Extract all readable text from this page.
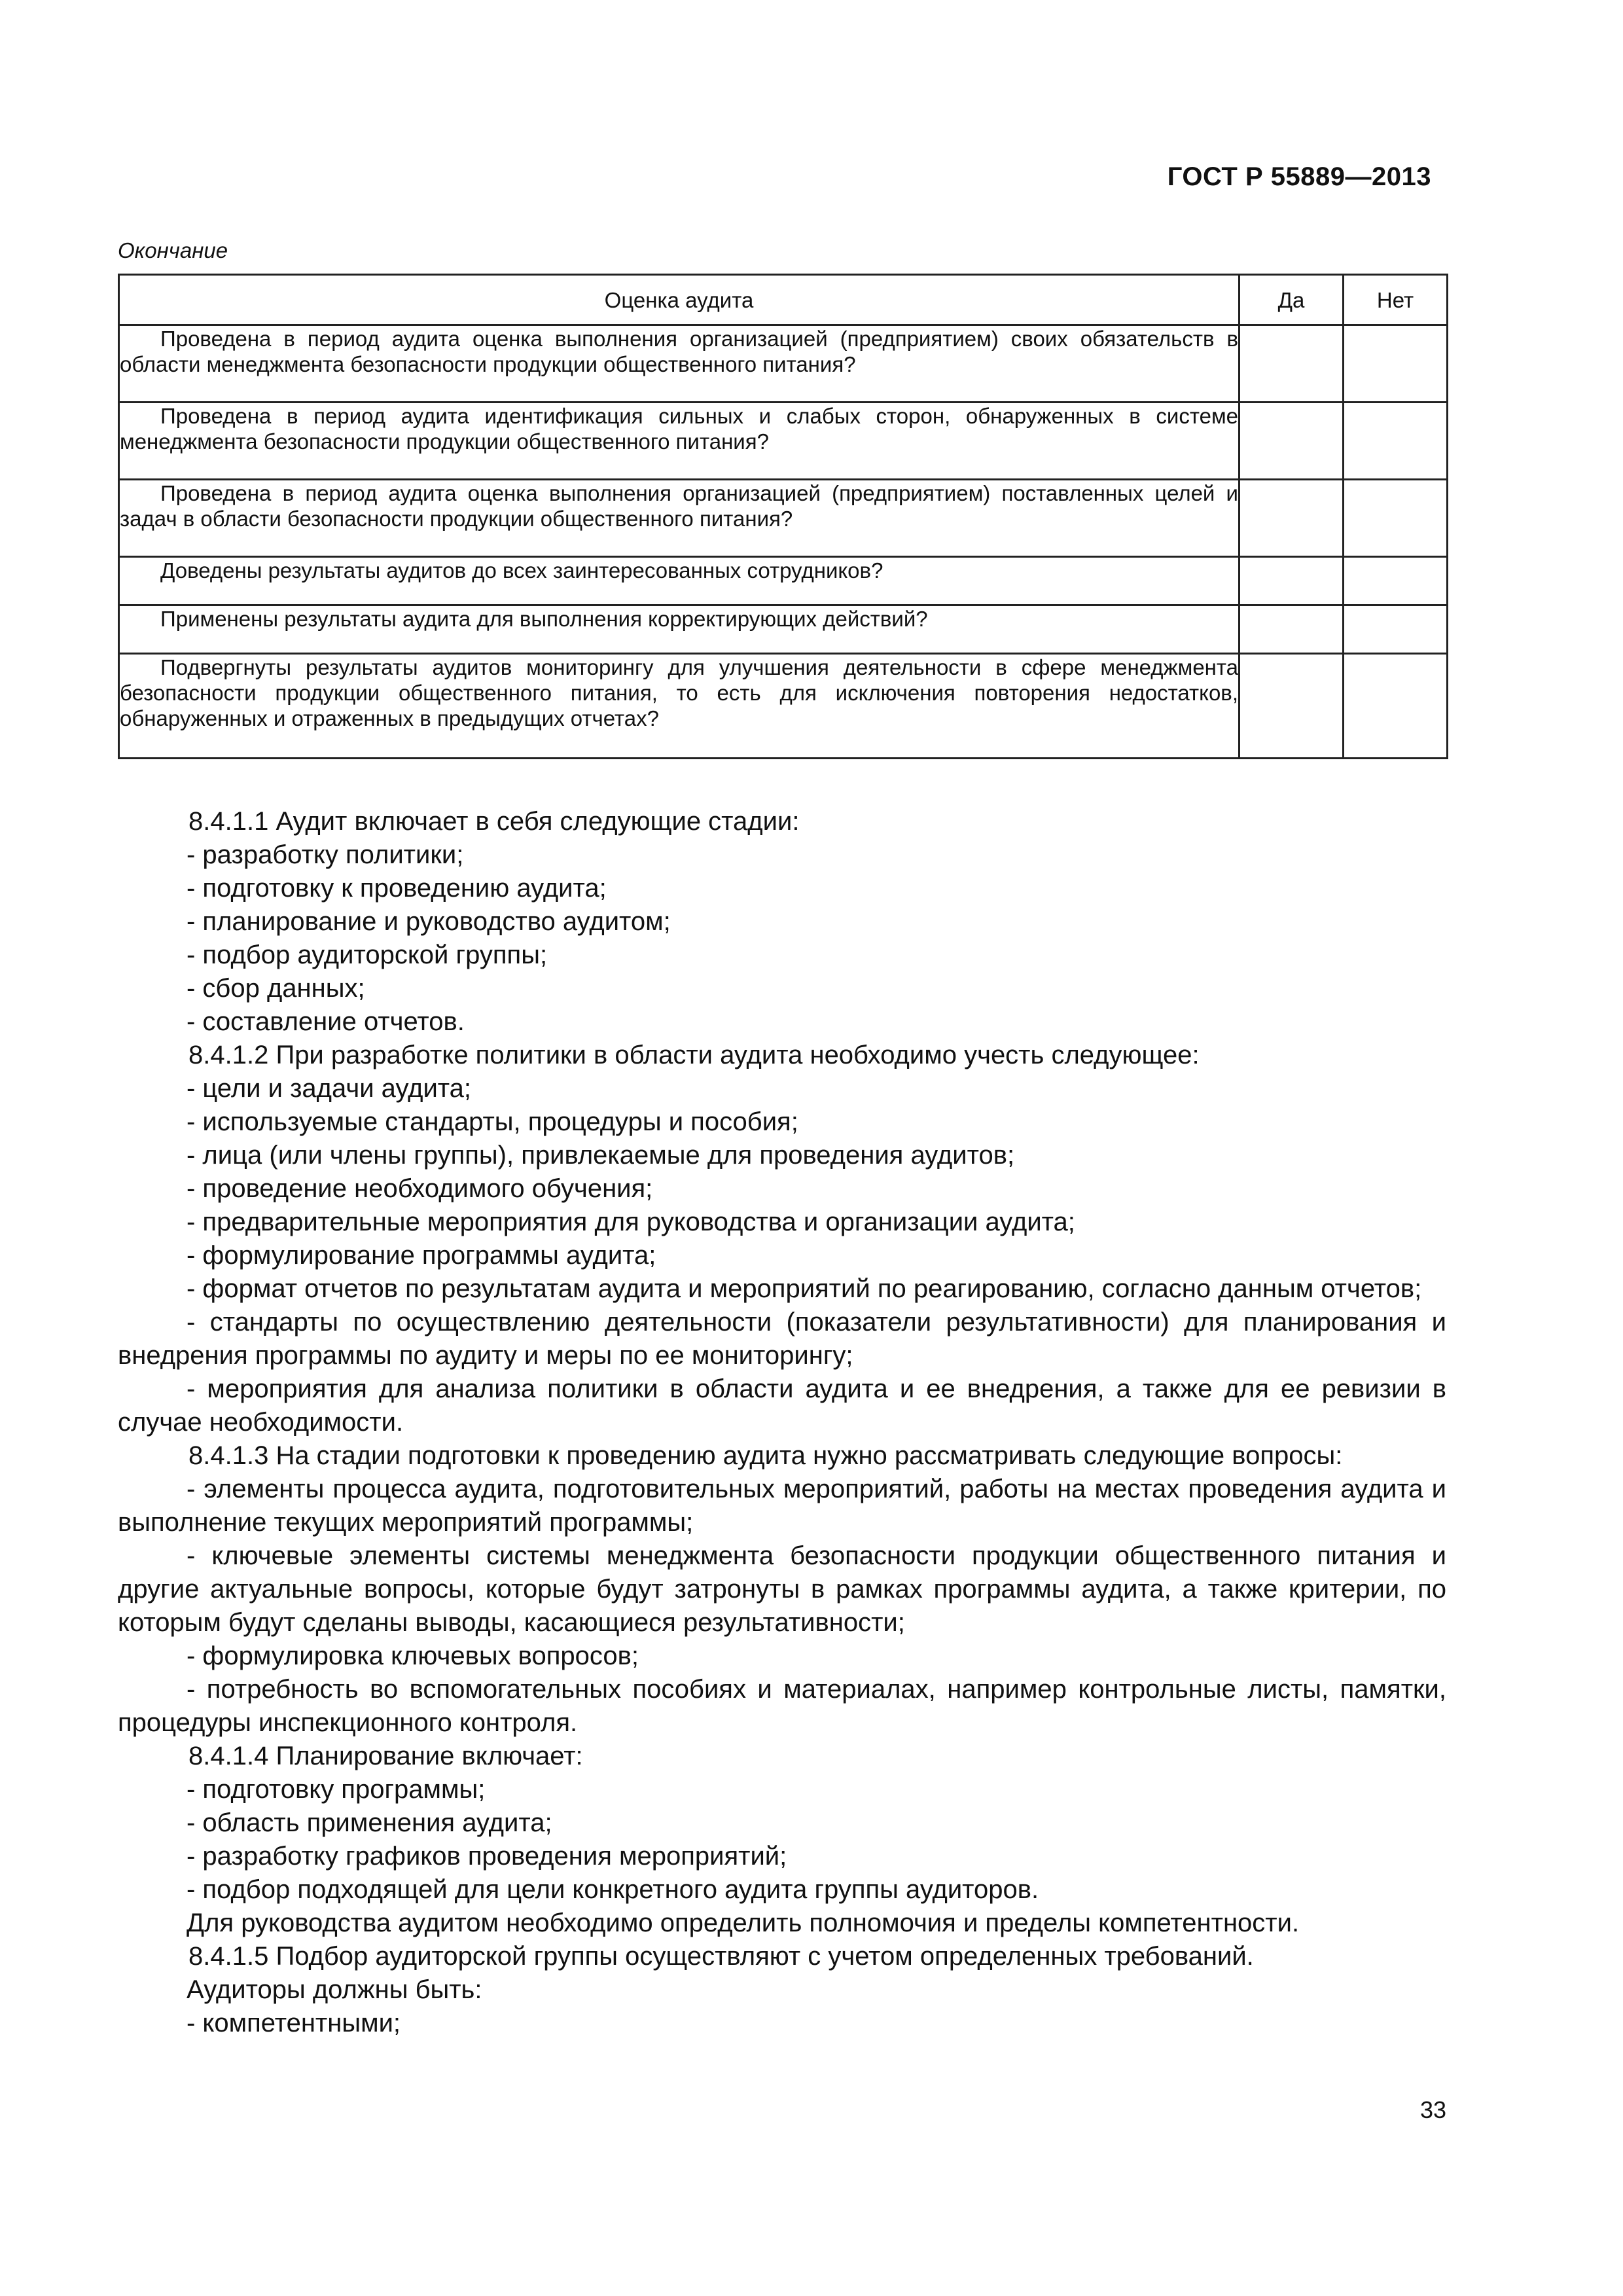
ГОСТ Р 55889—2013
Окончание
Оценка аудита	Да	Нет

Проведена в период аудита оценка выполнения организацией (предприятием) своих обязательств в области менеджмента безопасности продукции общественного питания?		

Проведена в период аудита идентификация сильных и слабых сторон, обнаруженных в системе менеджмента безопасности продукции общественного питания?		

Проведена в период аудита оценка выполнения организацией (предприятием) поставленных целей и задач в области безопасности продукции общественного питания?		

Доведены результаты аудитов до всех заинтересованных сотрудников?		

Применены результаты аудита для выполнения корректирующих действий?		

Подвергнуты результаты аудитов мониторингу для улучшения деятельности в сфере менеджмента безопасности продукции общественного питания, то есть для исключения повторения недостатков, обнаруженных и отраженных в предыдущих отчетах?		

8.4.1.1 Аудит включает в себя следующие стадии:

- разработку политики;

- подготовку к проведению аудита;

- планирование и руководство аудитом;

- подбор аудиторской группы;

- сбор данных;

- составление отчетов.

8.4.1.2 При разработке политики в области аудита необходимо учесть следующее:

- цели и задачи аудита;

- используемые стандарты, процедуры и пособия;

- лица (или члены группы), привлекаемые для проведения аудитов;

- проведение необходимого обучения;

- предварительные мероприятия для руководства и организации аудита;

- формулирование программы аудита;

- формат отчетов по результатам аудита и мероприятий по реагированию, согласно данным отчетов;

- стандарты по осуществлению деятельности (показатели результативности) для планирования и внедрения программы по аудиту и меры по ее мониторингу;

- мероприятия для анализа политики в области аудита и ее внедрения, а также для ее ревизии в случае необходимости.

8.4.1.3 На стадии подготовки к проведению аудита нужно рассматривать следующие вопросы:

- элементы процесса аудита, подготовительных мероприятий, работы на местах проведения аудита и выполнение текущих мероприятий программы;

- ключевые элементы системы менеджмента безопасности продукции общественного питания и другие актуальные вопросы, которые будут затронуты в рамках программы аудита, а также критерии, по которым будут сделаны выводы, касающиеся результативности;

- формулировка ключевых вопросов;

- потребность во вспомогательных пособиях и материалах, например контрольные листы, памятки, процедуры инспекционного контроля.

8.4.1.4 Планирование включает:

- подготовку программы;

- область применения аудита;

- разработку графиков проведения мероприятий;

- подбор подходящей для цели конкретного аудита группы аудиторов.

Для руководства аудитом необходимо определить полномочия и пределы компетентности.

8.4.1.5 Подбор аудиторской группы осуществляют с учетом определенных требований.

Аудиторы должны быть:

- компетентными;

33
